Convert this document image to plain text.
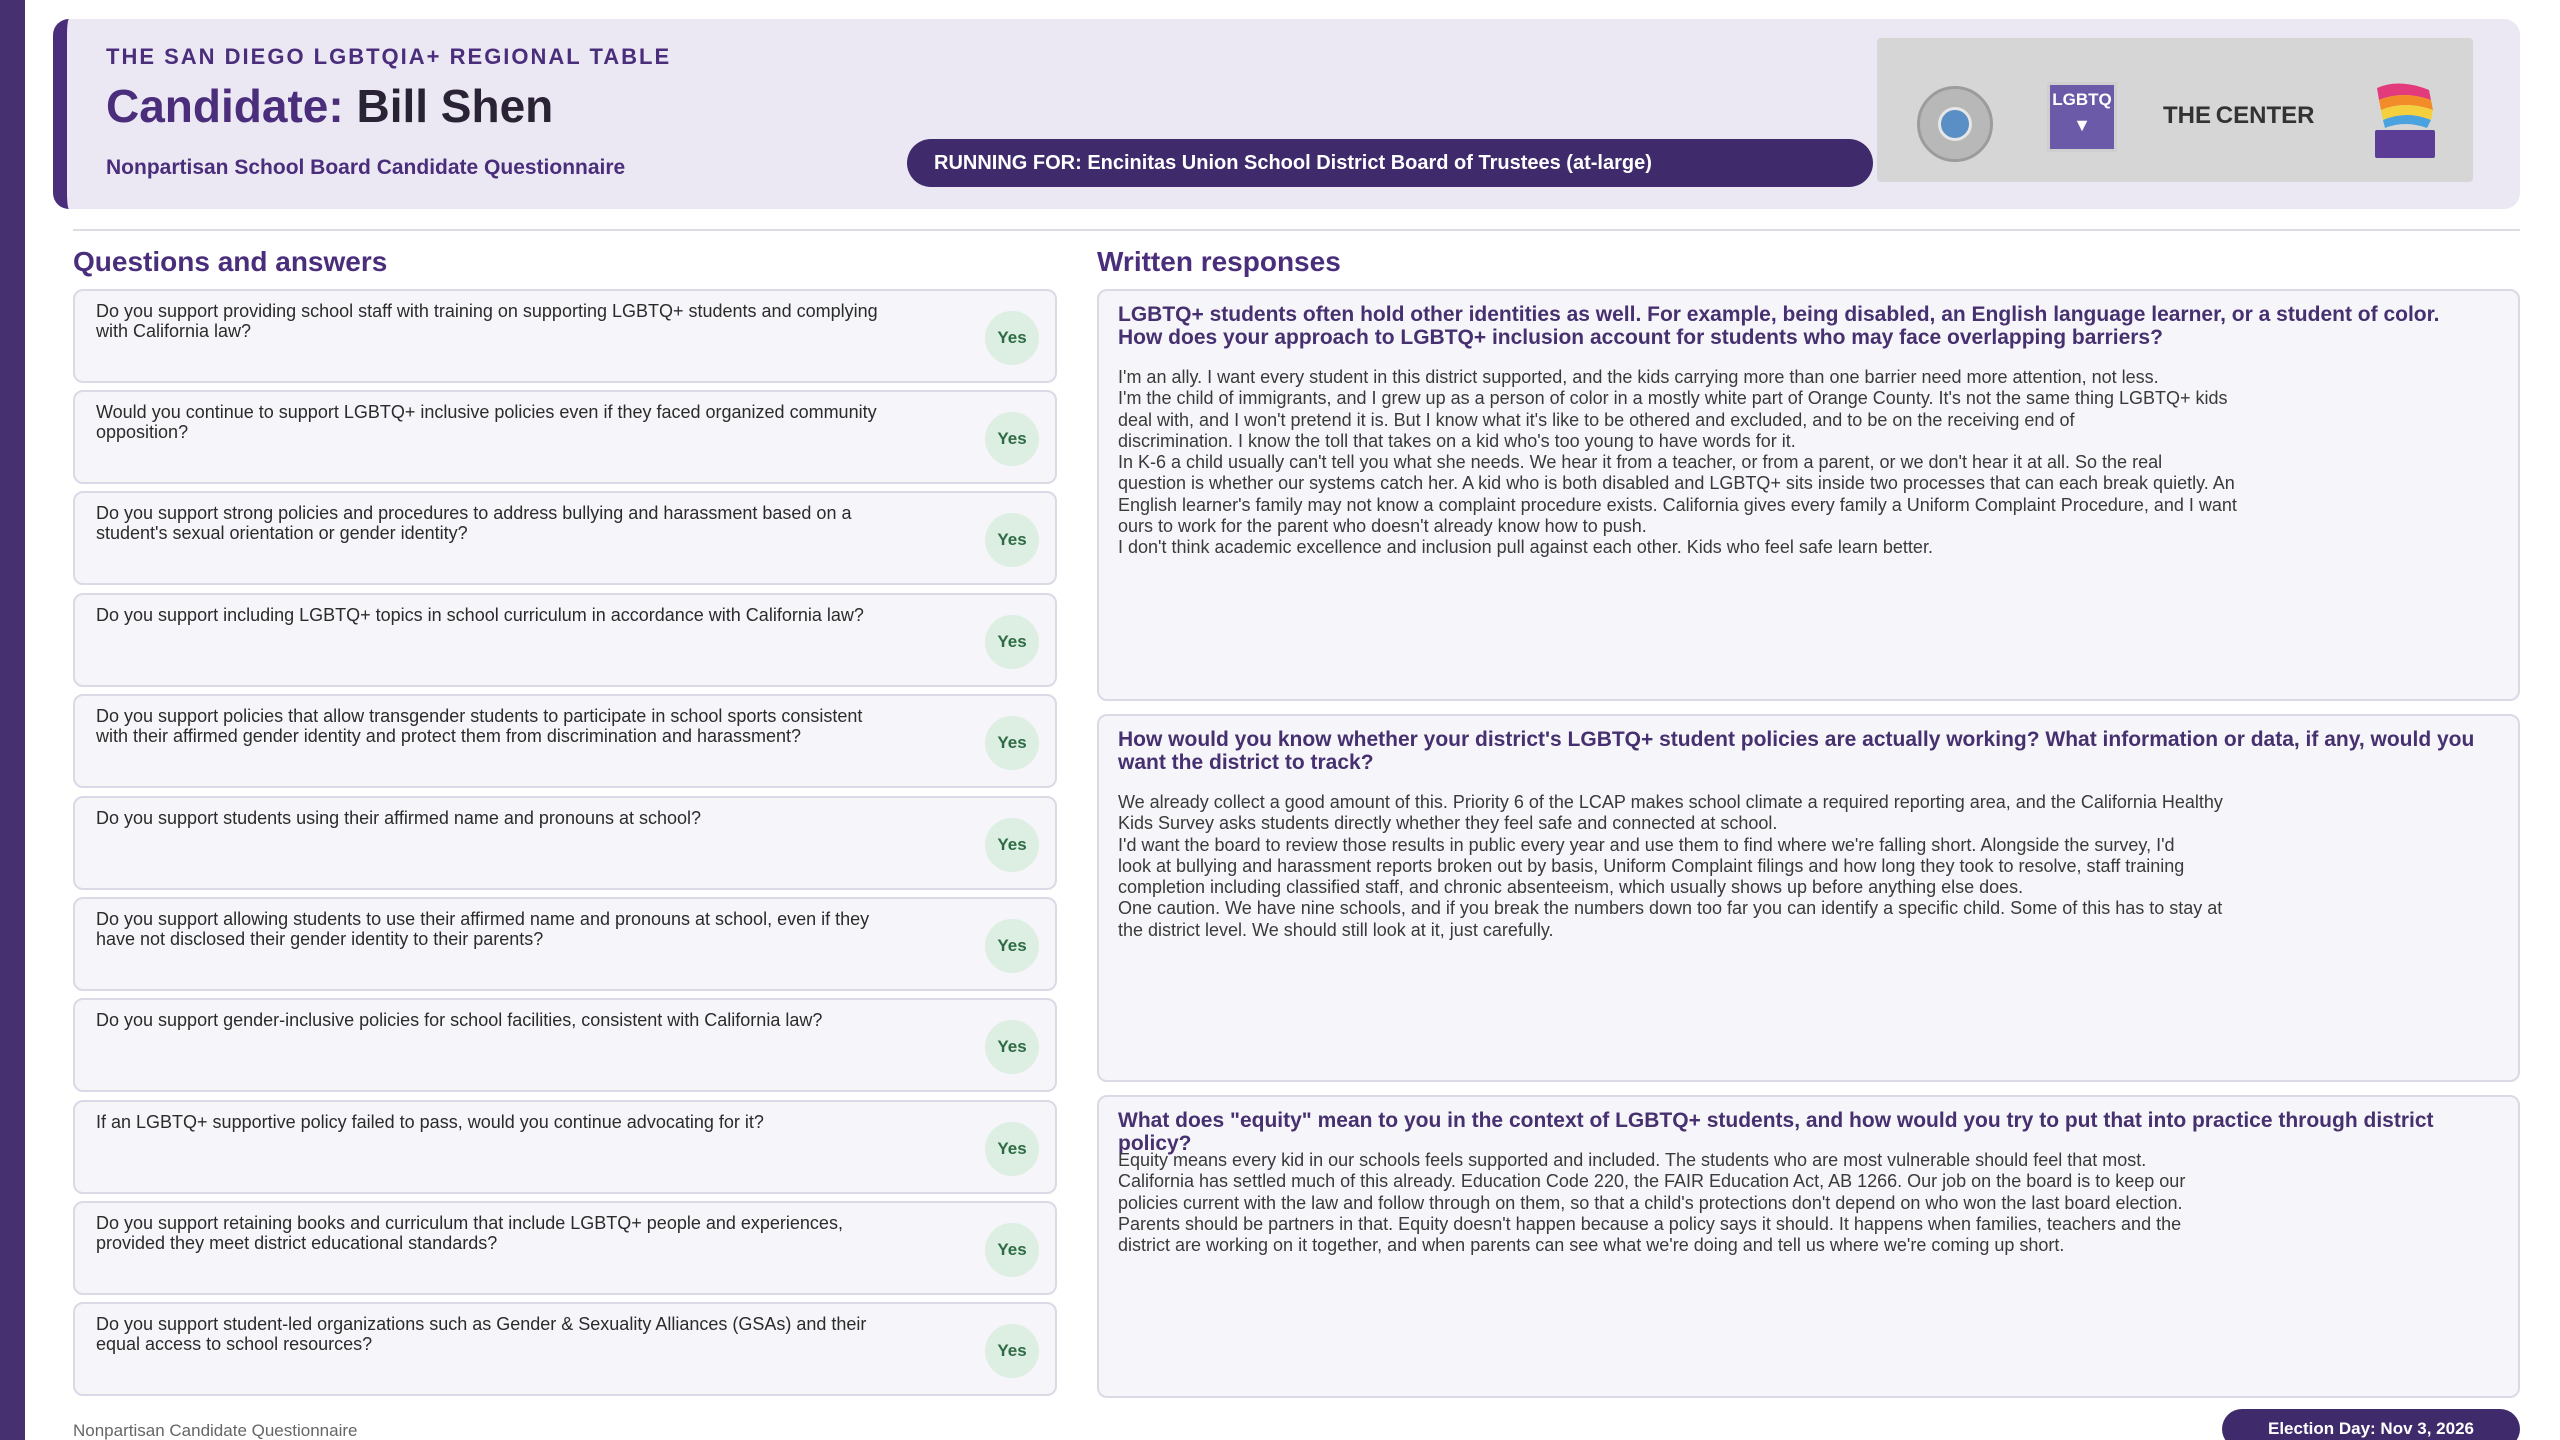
THE SAN DIEGO LGBTQIA+ REGIONAL TABLE
Candidate: Bill Shen
Nonpartisan School Board Candidate Questionnaire	RUNNING FOR: Encinitas Union School District Board of Trustees (at-large)
LGBTQ
▼	THE CENTER
Questions and answers	Written responses
Do you support providing school staff with training on supporting LGBTQ+ students and complying with California law?	Yes
Would you continue to support LGBTQ+ inclusive policies even if they faced organized community opposition?	Yes
Do you support strong policies and procedures to address bullying and harassment based on a student's sexual orientation or gender identity?	Yes
Do you support including LGBTQ+ topics in school curriculum in accordance with California law?
Yes
Do you support policies that allow transgender students to participate in school sports consistent with their affirmed gender identity and protect them from discrimination and harassment?	Yes
Do you support students using their affirmed name and pronouns at school?
Yes
Do you support allowing students to use their affirmed name and pronouns at school, even if they have not disclosed their gender identity to their parents?	Yes
Do you support gender-inclusive policies for school facilities, consistent with California law?
Yes
If an LGBTQ+ supportive policy failed to pass, would you continue advocating for it?
Yes
Do you support retaining books and curriculum that include LGBTQ+ people and experiences, provided they meet district educational standards?	Yes
Do you support student-led organizations such as Gender & Sexuality Alliances (GSAs) and their equal access to school resources?	Yes
LGBTQ+ students often hold other identities as well. For example, being disabled, an English language learner, or a student of color. How does your approach to LGBTQ+ inclusion account for students who may face overlapping barriers?
I'm an ally. I want every student in this district supported, and the kids carrying more than one barrier need more attention, not less.
I'm the child of immigrants, and I grew up as a person of color in a mostly white part of Orange County. It's not the same thing LGBTQ+ kids
deal with, and I won't pretend it is. But I know what it's like to be othered and excluded, and to be on the receiving end of
discrimination. I know the toll that takes on a kid who's too young to have words for it.
In K-6 a child usually can't tell you what she needs. We hear it from a teacher, or from a parent, or we don't hear it at all. So the real
question is whether our systems catch her. A kid who is both disabled and LGBTQ+ sits inside two processes that can each break quietly. An
English learner's family may not know a complaint procedure exists. California gives every family a Uniform Complaint Procedure, and I want
ours to work for the parent who doesn't already know how to push.
I don't think academic excellence and inclusion pull against each other. Kids who feel safe learn better.
How would you know whether your district's LGBTQ+ student policies are actually working? What information or data, if any, would you want the district to track?
We already collect a good amount of this. Priority 6 of the LCAP makes school climate a required reporting area, and the California Healthy
Kids Survey asks students directly whether they feel safe and connected at school.
I'd want the board to review those results in public every year and use them to find where we're falling short. Alongside the survey, I'd
look at bullying and harassment reports broken out by basis, Uniform Complaint filings and how long they took to resolve, staff training
completion including classified staff, and chronic absenteeism, which usually shows up before anything else does.
One caution. We have nine schools, and if you break the numbers down too far you can identify a specific child. Some of this has to stay at
the district level. We should still look at it, just carefully.
What does "equity" mean to you in the context of LGBTQ+ students, and how would you try to put that into practice through district policy?
Equity means every kid in our schools feels supported and included. The students who are most vulnerable should feel that most.
California has settled much of this already. Education Code 220, the FAIR Education Act, AB 1266. Our job on the board is to keep our
policies current with the law and follow through on them, so that a child's protections don't depend on who won the last board election.
Parents should be partners in that. Equity doesn't happen because a policy says it should. It happens when families, teachers and the
district are working on it together, and when parents can see what we're doing and tell us where we're coming up short.
Nonpartisan Candidate Questionnaire	Election Day: Nov 3, 2026
